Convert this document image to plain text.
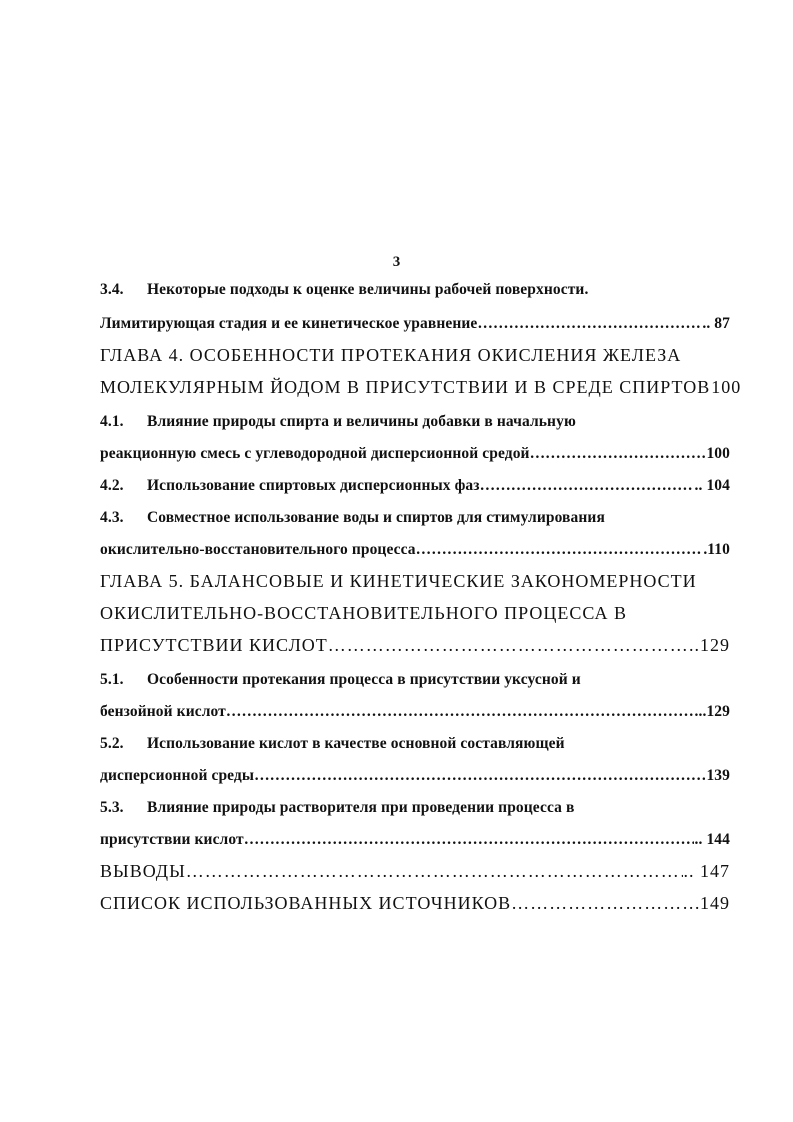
3
3.4. Некоторые подходы к оценке величины рабочей поверхности.
Лимитирующая стадия и ее кинетическое уравнение …………………………………………………………………………………………………………………………………………	.. 87
ГЛАВА 4. ОСОБЕННОСТИ ПРОТЕКАНИЯ ОКИСЛЕНИЯ ЖЕЛЕЗА
МОЛЕКУЛЯРНЫМ ЙОДОМ В ПРИСУТСТВИИ И В СРЕДЕ СПИРТОВ 100
4.1. Влияние природы спирта и величины добавки в начальную
реакционную смесь с углеводородной дисперсионной средой …………………………………………………………………………………………………………………………………………	100
4.2. Использование спиртовых дисперсионных фаз …………………………………………………………………………………………………………………………………………	.. 104
4.3. Совместное использование воды и спиртов для стимулирования
окислительно-восстановительного процесса …………………………………………………………………………………………………………………………………………	.110
ГЛАВА 5. БАЛАНСОВЫЕ И КИНЕТИЧЕСКИЕ ЗАКОНОМЕРНОСТИ
ОКИСЛИТЕЛЬНО-ВОССТАНОВИТЕЛЬНОГО ПРОЦЕССА В
ПРИСУТСТВИИ КИСЛОТ …………………………………………………………………………………………………………………………………………	..129
5.1. Особенности протекания процесса в присутствии уксусной и
бензойной кислот …………………………………………………………………………………………………………………………………………	..129
5.2. Использование кислот в качестве основной составляющей
дисперсионной среды …………………………………………………………………………………………………………………………………………	139
5.3. Влияние природы растворителя при проведении процесса в
присутствии кислот …………………………………………………………………………………………………………………………………………	.. 144
ВЫВОДЫ …………………………………………………………………………………………………………………………………………	.. 147
СПИСОК ИСПОЛЬЗОВАННЫХ ИСТОЧНИКОВ …………………………………………………………………………………………………………………………………………	149
